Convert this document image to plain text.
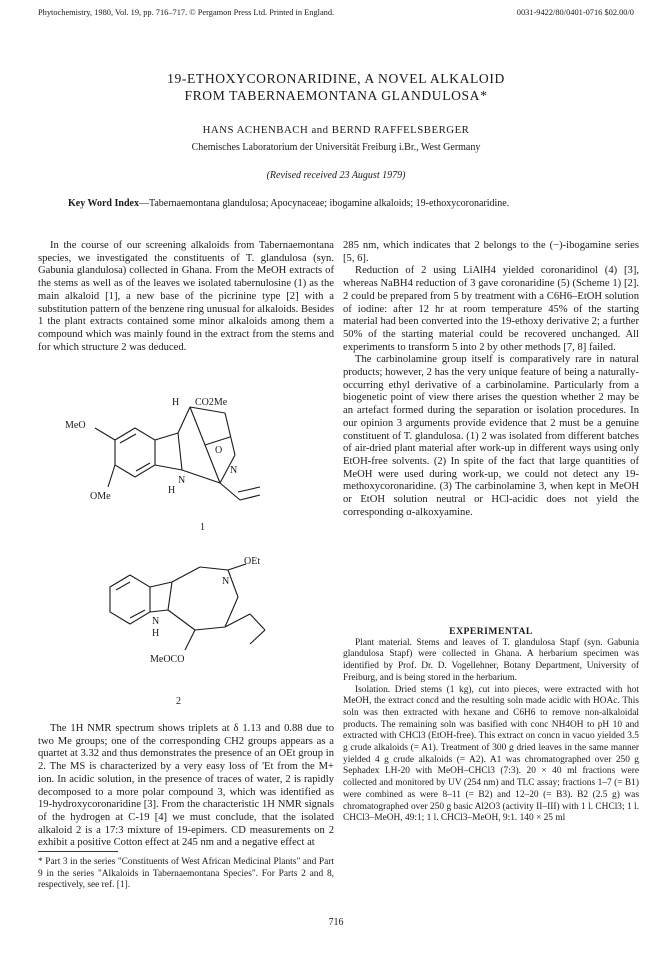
Phytochemistry, 1980, Vol. 19, pp. 716–717. © Pergamon Press Ltd. Printed in England.	0031-9422/80/0401-0716 $02.00/0
19-ETHOXYCORONARIDINE, A NOVEL ALKALOID
FROM TABERNAEMONTANA GLANDULOSA*
HANS ACHENBACH and BERND RAFFELSBERGER
Chemisches Laboratorium der Universität Freiburg i.Br., West Germany
(Revised received 23 August 1979)
Key Word Index—Tabernaemontana glandulosa; Apocynaceae; ibogamine alkaloids; 19-ethoxycoronaridine.

In the course of our screening alkaloids from Tabernaemontana species, we investigated the constituents of T. glandulosa (syn. Gabunia glandulosa) collected in Ghana. From the MeOH extracts of the stems as well as of the leaves we isolated tabernulosine (1) as the main alkaloid [1], a new base of the picrinine type [2] with a substitution pattern of the benzene ring unusual for alkaloids. Besides 1 the plant extracts contained some minor alkaloids among them a compound which was mainly found in the extract from the stems and for which structure 2 was deduced.

H CO2Me
MeO
O
N
N
H
OMe
1
OEt
N
N
H
MeOCO
2

The 1H NMR spectrum shows triplets at δ 1.13 and 0.88 due to two Me groups; one of the corresponding CH2 groups appears as a quartet at 3.32 and thus demonstrates the presence of an OEt group in 2. The MS is characterized by a very easy loss of 'Et from the M+ ion. In acidic solution, in the presence of traces of water, 2 is rapidly decomposed to a more polar compound 3, which was identified as 19-hydroxycoronaridine [3]. From the characteristic 1H NMR signals of the hydrogen at C-19 [4] we must conclude, that the isolated alkaloid 2 is a 17:3 mixture of 19-epimers. CD measurements on 2 exhibit a positive Cotton effect at 245 nm and a negative effect at

* Part 3 in the series "Constituents of West African Medicinal Plants" and Part 9 in the series "Alkaloids in Tabernaemontana Species". For Parts 2 and 8, respectively, see ref. [1].

285 nm, which indicates that 2 belongs to the (−)-ibogamine series [5, 6].

Reduction of 2 using LiAlH4 yielded coronaridinol (4) [3], whereas NaBH4 reduction of 3 gave coronaridine (5) (Scheme 1) [2]. 2 could be prepared from 5 by treatment with a C6H6–EtOH solution of iodine: after 12 hr at room temperature 45% of the starting material had been converted into the 19-ethoxy derivative 2; a further 50% of the starting material could be recovered unchanged. All experiments to transform 5 into 2 by other methods [7, 8] failed.

The carbinolamine group itself is comparatively rare in natural products; however, 2 has the very unique feature of being a naturally-occurring ethyl derivative of a carbinolamine. Particularly from a biogenetic point of view there arises the question whether 2 may be an artefact formed during the separation or isolation procedures. In our opinion 3 arguments provide evidence that 2 must be a genuine constituent of T. glandulosa. (1) 2 was isolated from different batches of air-dried plant material after work-up in different ways using only EtOH-free solvents. (2) In spite of the fact that large quantities of MeOH were used during work-up, we could not detect any 19-methoxycoronaridine. (3) The carbinolamine 3, when kept in MeOH or EtOH solution neutral or HCl-acidic does not yield the corresponding α-alkoxyamine.

EXPERIMENTAL

Plant material. Stems and leaves of T. glandulosa Stapf (syn. Gabunia glandulosa Stapf) were collected in Ghana. A herbarium specimen was identified by Prof. Dr. D. Vogellehner, Botany Department, University of Freiburg, and is being stored in the herbarium.

Isolation. Dried stems (1 kg), cut into pieces, were extracted with hot MeOH, the extract concd and the resulting soln made acidic with HOAc. This soln was then extracted with hexane and C6H6 to remove non-alkaloidal products. The remaining soln was basified with conc NH4OH to pH 10 and extracted with CHCl3 (EtOH-free). This extract on concn in vacuo yielded 3.5 g crude alkaloids (= A1). Treatment of 300 g dried leaves in the same manner yielded 4 g crude alkaloids (= A2). A1 was chromatographed over 250 g Sephadex LH-20 with MeOH–CHCl3 (7:3). 20 × 40 ml fractions were collected and monitored by UV (254 nm) and TLC assay; fractions 1–7 (= B1) were combined as were 8–11 (= B2) and 12–20 (= B3). B2 (2.5 g) was chromatographed over 250 g basic Al2O3 (activity II–III) with 1 l. CHCl3; 1 l. CHCl3–MeOH, 49:1; 1 l. CHCl3–MeOH, 9:1. 140 × 25 ml

716
